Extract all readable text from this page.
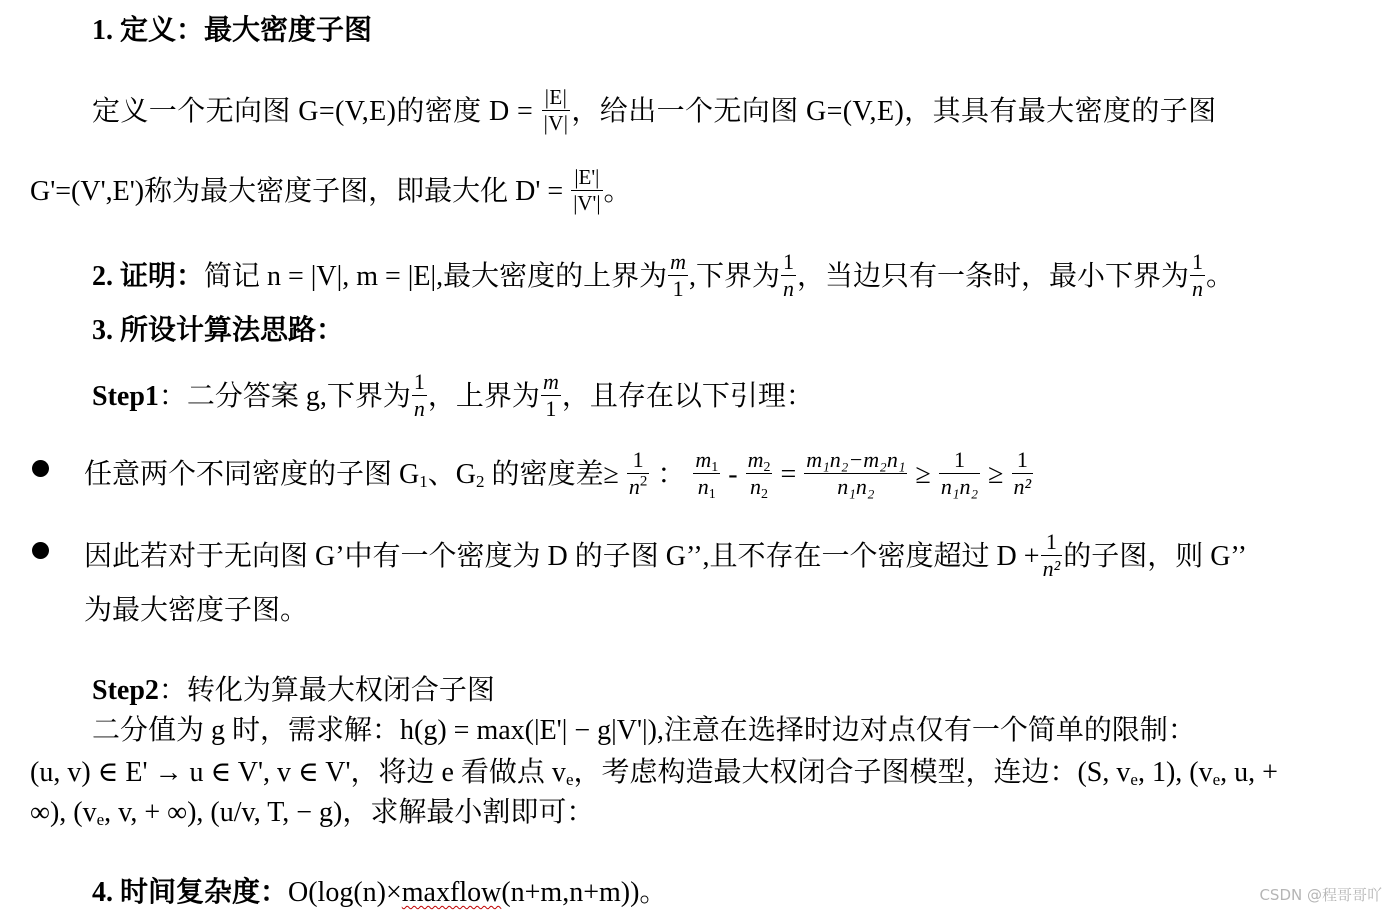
1. 定义：最大密度子图
定义一个无向图 G=(V,E)的密度 $D = \frac{|E|}{|V|}$ ，给出一个无向图 G=(V,E)，其具有最大密度的子图
G'=(V',E')称为最大密度子图，即最大化 $D' = \frac{|E'|}{|V'|}$ 。
2. 证明：简记 n = |V|, m = |E|,最大密度的上界为 $\frac{m}{1}$ ,下界为 $\frac{1}{n}$ ，当边只有一条时，最小下界为 $\frac{1}{n}$ 。
3. 所设计算法思路：
Step1：二分答案 g,下界为 $\frac{1}{n}$ ，上界为 $\frac{m}{1}$ ，且存在以下引理：
任意两个不同密度的子图 $G_1$、$G_2$ 的密度差≥ $\frac{1}{n^2}$ ： $\frac{m_1}{n_1} - \frac{m_2}{n_2} = \frac{\text{m₁n₂−m₂n₁}}{\text{n₁n₂}} \ge \frac{1}{\text{n₁n₂}} \ge \frac{1}{\text{n²}}$
因此若对于无向图 G’中有一个密度为 D 的子图 G’’,且不存在一个密度超过 $D + \frac{1}{\text{n²}}$ 的子图，则 G’’
为最大密度子图。
Step2：转化为算最大权闭合子图
二分值为 g 时，需求解：h(g) = max(|E'| − g|V'|),注意在选择时边对点仅有一个简单的限制：
(u, v) ∈ E' → u ∈ V', v ∈ V'，将边 e 看做点 $v_e$，考虑构造最大权闭合子图模型，连边：(S, $v_e$, 1), ($v_e$, u, +
∞), ($v_e$, v, + ∞), (u/v, T, − g)，求解最小割即可：
4. 时间复杂度：O(log(n)×maxflow(n+m,n+m))。	CSDN @程哥哥吖
